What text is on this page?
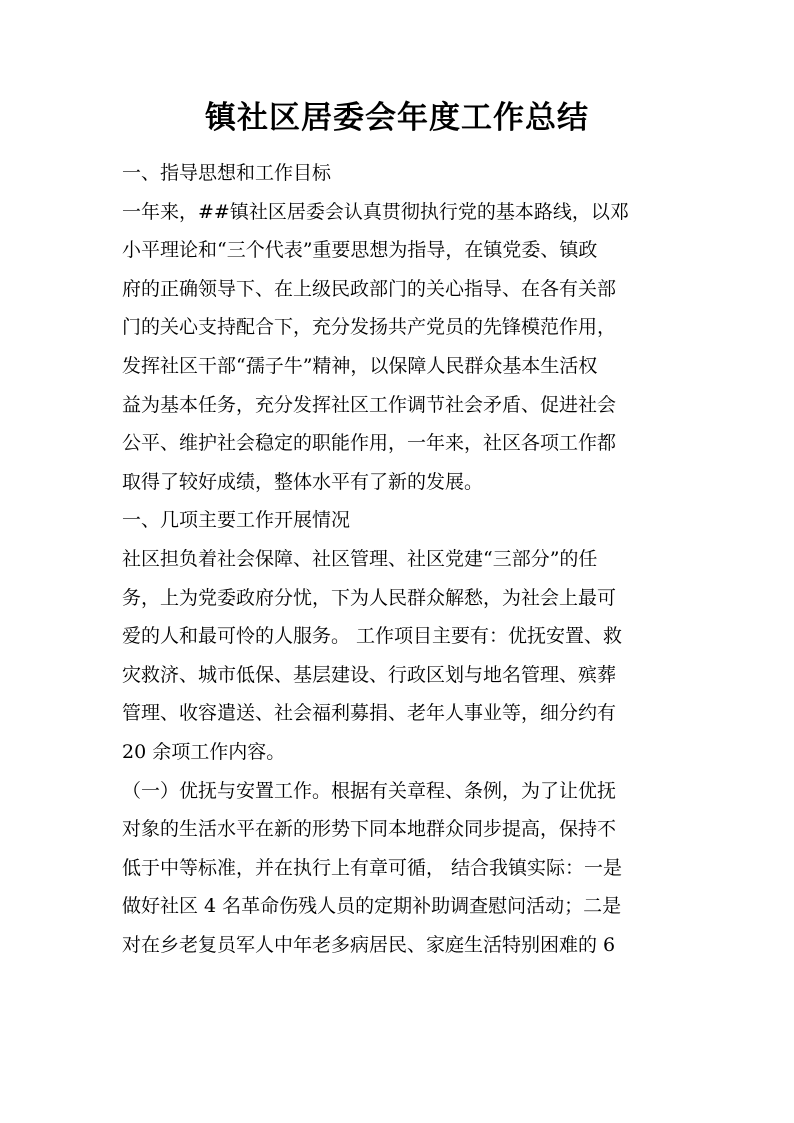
镇社区居委会年度工作总结
一、指导思想和工作目标
一年来，##镇社区居委会认真贯彻执行党的基本路线，以邓
小平理论和“三个代表”重要思想为指导，在镇党委、镇政
府的正确领导下、在上级民政部门的关心指导、在各有关部
门的关心支持配合下，充分发扬共产党员的先锋模范作用，
发挥社区干部“孺子牛”精神，以保障人民群众基本生活权
益为基本任务，充分发挥社区工作调节社会矛盾、促进社会
公平、维护社会稳定的职能作用，一年来，社区各项工作都
取得了较好成绩，整体水平有了新的发展。
一、几项主要工作开展情况
社区担负着社会保障、社区管理、社区党建“三部分”的任
务，上为党委政府分忧，下为人民群众解愁，为社会上最可
爱的人和最可怜的人服务。 工作项目主要有：优抚安置、救
灾救济、城市低保、基层建设、行政区划与地名管理、殡葬
管理、收容遣送、社会福利募捐、老年人事业等，细分约有
20 余项工作内容。
（一）优抚与安置工作。根据有关章程、条例，为了让优抚
对象的生活水平在新的形势下同本地群众同步提高，保持不
低于中等标准，并在执行上有章可循， 结合我镇实际：一是
做好社区 4 名革命伤残人员的定期补助调查慰问活动；二是
对在乡老复员军人中年老多病居民、家庭生活特别困难的 6
